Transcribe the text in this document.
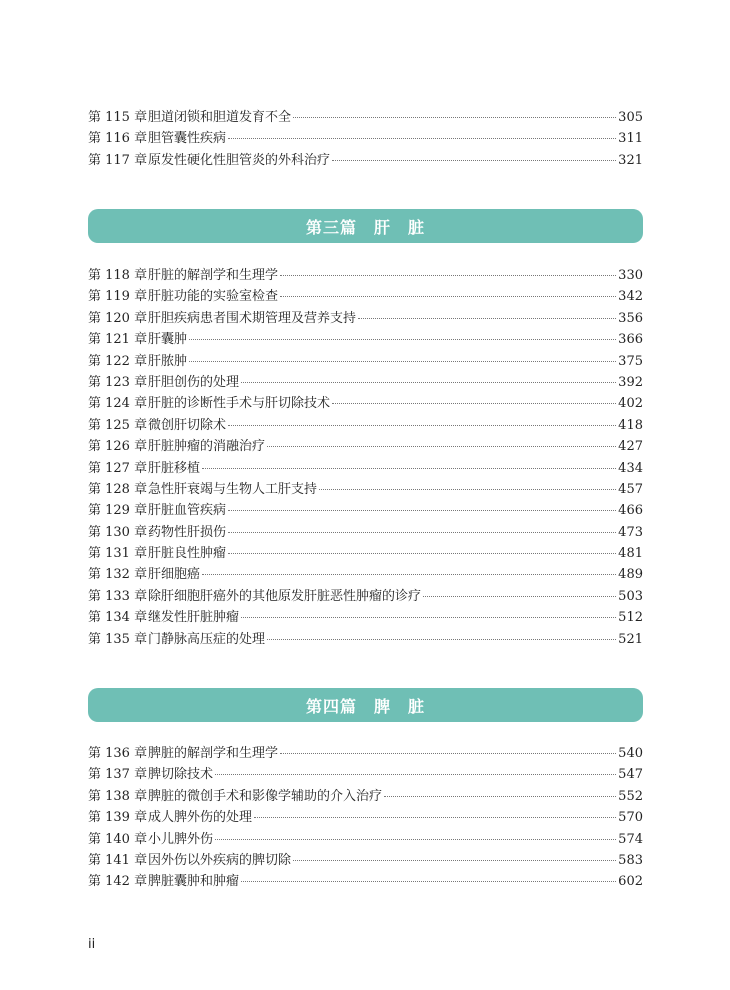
第 115 章 胆道闭锁和胆道发育不全	305
第 116 章 胆管囊性疾病	311
第 117 章 原发性硬化性胆管炎的外科治疗	321
第三篇　肝　脏
第 118 章 肝脏的解剖学和生理学	330
第 119 章 肝脏功能的实验室检查	342
第 120 章 肝胆疾病患者围术期管理及营养支持	356
第 121 章 肝囊肿	366
第 122 章 肝脓肿	375
第 123 章 肝胆创伤的处理	392
第 124 章 肝脏的诊断性手术与肝切除技术	402
第 125 章 微创肝切除术	418
第 126 章 肝脏肿瘤的消融治疗	427
第 127 章 肝脏移植	434
第 128 章 急性肝衰竭与生物人工肝支持	457
第 129 章 肝脏血管疾病	466
第 130 章 药物性肝损伤	473
第 131 章 肝脏良性肿瘤	481
第 132 章 肝细胞癌	489
第 133 章 除肝细胞肝癌外的其他原发肝脏恶性肿瘤的诊疗	503
第 134 章 继发性肝脏肿瘤	512
第 135 章 门静脉高压症的处理	521
第四篇　脾　脏
第 136 章 脾脏的解剖学和生理学	540
第 137 章 脾切除技术	547
第 138 章 脾脏的微创手术和影像学辅助的介入治疗	552
第 139 章 成人脾外伤的处理	570
第 140 章 小儿脾外伤	574
第 141 章 因外伤以外疾病的脾切除	583
第 142 章 脾脏囊肿和肿瘤	602
ii
